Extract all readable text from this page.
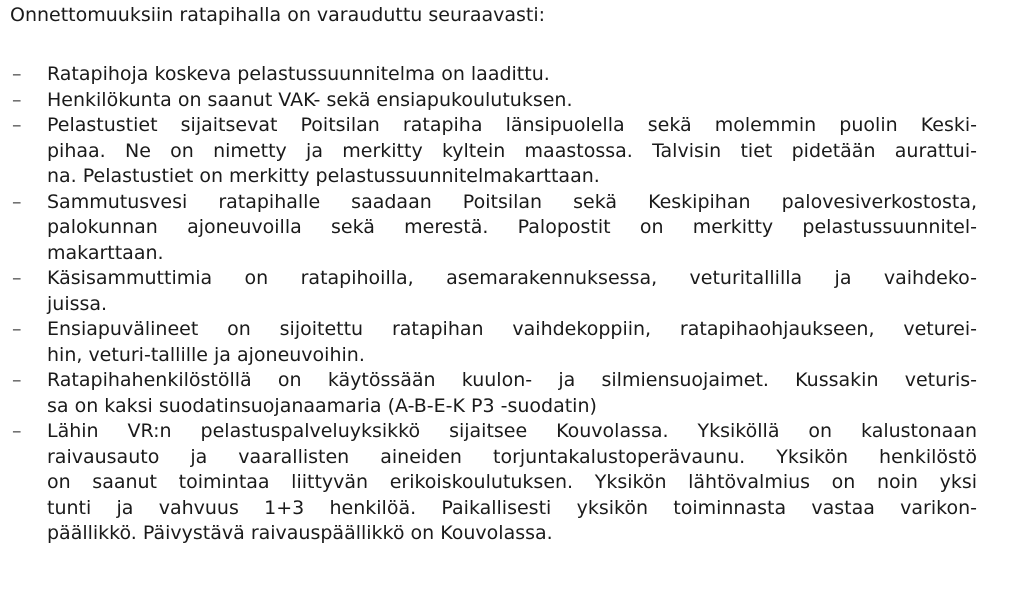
Onnettomuuksiin ratapihalla on varauduttu seuraavasti:

– Ratapihoja koskeva pelastussuunnitelma on laadittu.
– Henkilökunta on saanut VAK- sekä ensiapukoulutuksen.
– Pelastustiet sijaitsevat Poitsilan ratapiha länsipuolella sekä molemmin puolin Keski-
pihaa. Ne on nimetty ja merkitty kyltein maastossa. Talvisin tiet pidetään aurattui-
na. Pelastustiet on merkitty pelastussuunnitelmakarttaan.
– Sammutusvesi ratapihalle saadaan Poitsilan sekä Keskipihan palovesiverkostosta,
palokunnan ajoneuvoilla sekä merestä. Palopostit on merkitty pelastussuunnitel-
makarttaan.
– Käsisammuttimia on ratapihoilla, asemarakennuksessa, veturitallilla ja vaihdeko-
juissa.
– Ensiapuvälineet on sijoitettu ratapihan vaihdekoppiin, ratapihaohjaukseen, veturei-
hin, veturi-tallille ja ajoneuvoihin.
– Ratapihahenkilöstöllä on käytössään kuulon- ja silmiensuojaimet. Kussakin veturis-
sa on kaksi suodatinsuojanaamaria (A-B-E-K P3 -suodatin)
– Lähin VR:n pelastuspalveluyksikkö sijaitsee Kouvolassa. Yksiköllä on kalustonaan
raivausauto ja vaarallisten aineiden torjuntakalustoperävaunu. Yksikön henkilöstö
on saanut toimintaa liittyvän erikoiskoulutuksen. Yksikön lähtövalmius on noin yksi
tunti ja vahvuus 1+3 henkilöä. Paikallisesti yksikön toiminnasta vastaa varikon-
päällikkö. Päivystävä raivauspäällikkö on Kouvolassa.
